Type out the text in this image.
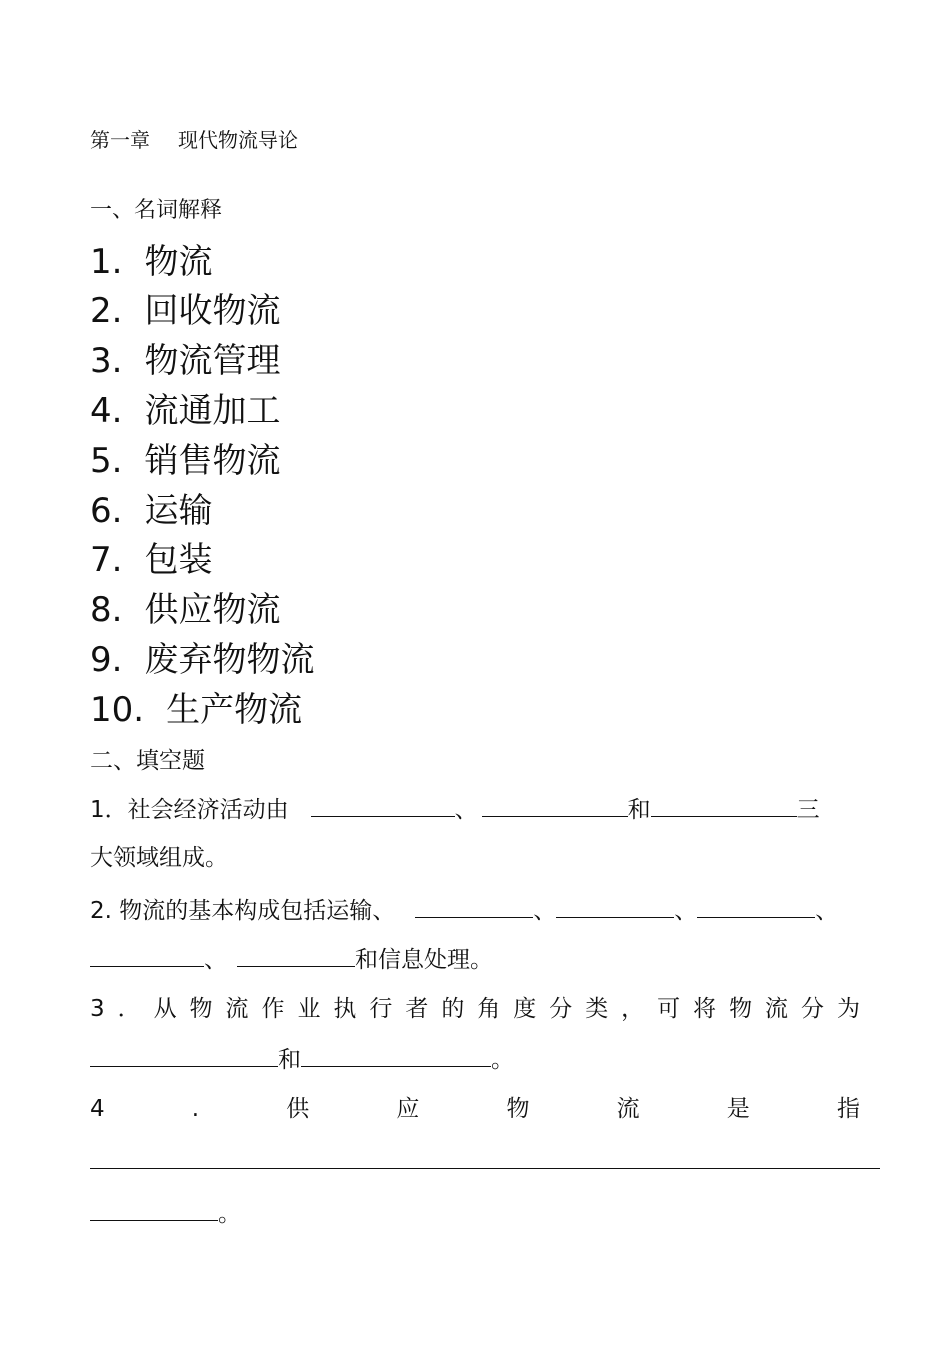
第一章 现代物流导论
一、名词解释
1. 物流
2. 回收物流
3. 物流管理
4. 流通加工
5. 销售物流
6. 运输
7. 包装
8. 供应物流
9. 废弃物物流
10. 生产物流
二、填空题
1．社会经济活动由	、	和	三
大领域组成。
2. 物流的基本构成包括运输、	、	、	、
、	和信息处理。
3 ． 从 物 流 作 业 执 行 者 的 角 度 分 类 ， 可 将 物 流 分 为
和	。
4	.	供	应	物	流	是	指
。
